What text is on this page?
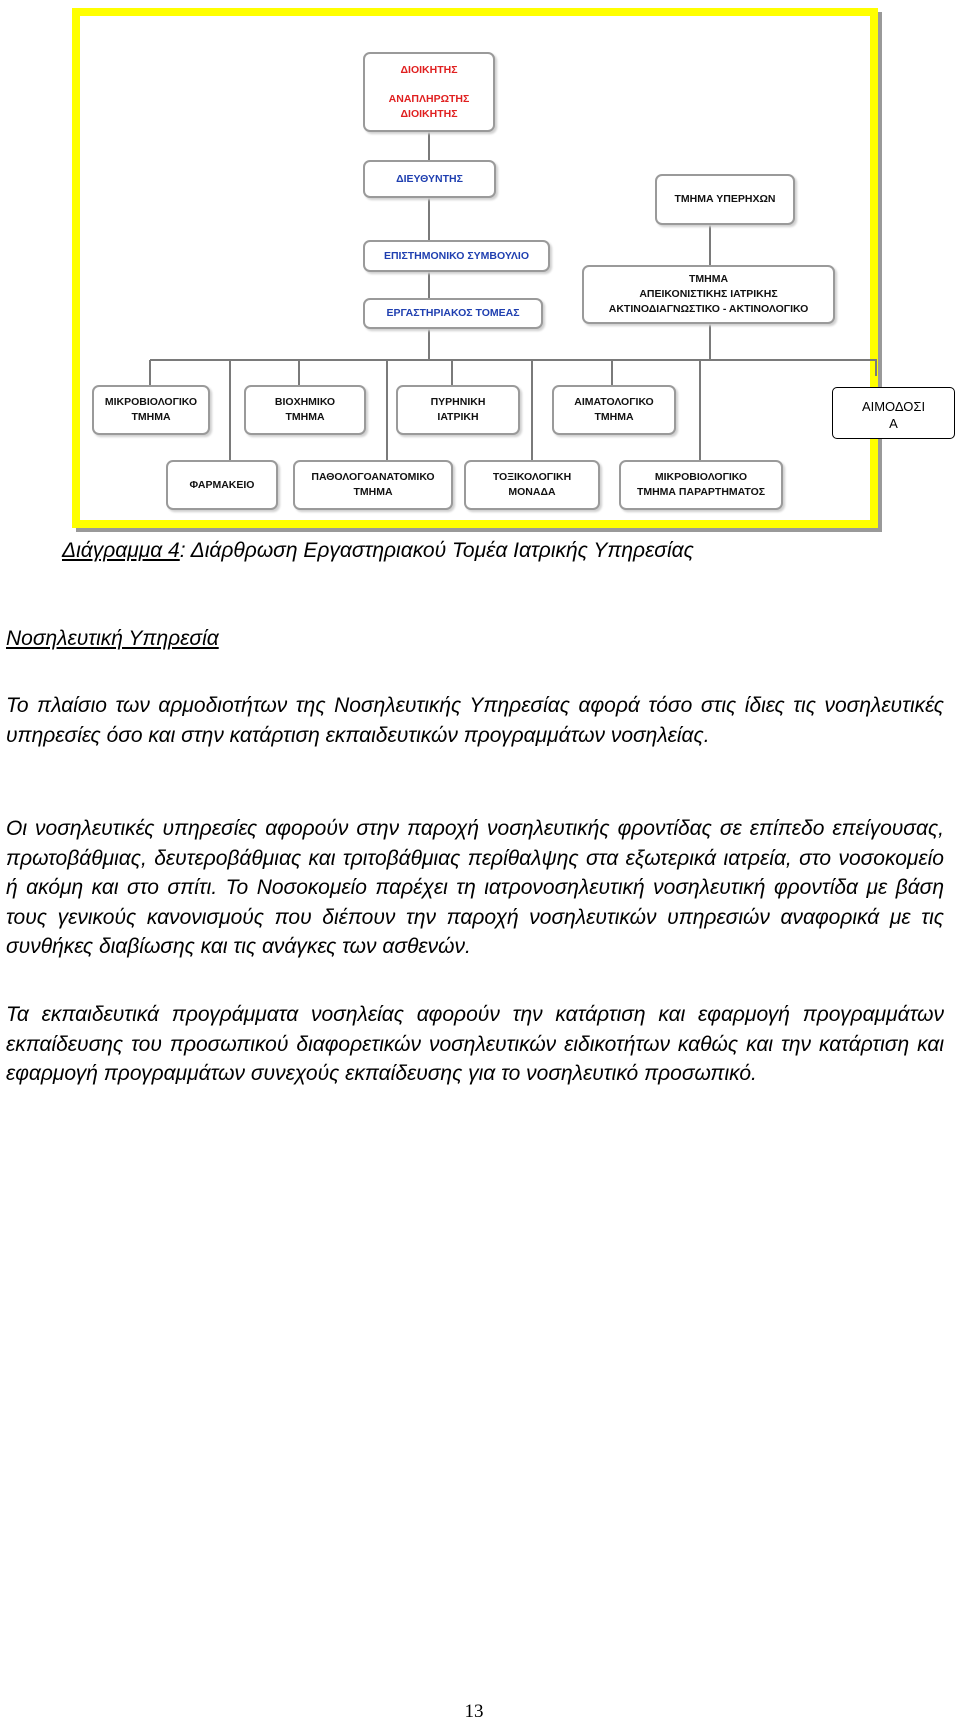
ΔΙΟΙΚΗΤΗΣ
ΑΝΑΠΛΗΡΩΤΗΣ ΔΙΟΙΚΗΤΗΣ
ΔΙΕΥΘΥΝΤΗΣ
ΕΠΙΣΤΗΜΟΝΙΚΟ ΣΥΜΒΟΥΛΙΟ
ΕΡΓΑΣΤΗΡΙΑΚΟΣ ΤΟΜΕΑΣ
ΤΜΗΜΑ ΥΠΕΡΗΧΩΝ
ΤΜΗΜΑ
ΑΠΕΙΚΟΝΙΣΤΙΚΗΣ ΙΑΤΡΙΚΗΣ
ΑΚΤΙΝΟΔΙΑΓΝΩΣΤΙΚΟ - ΑΚΤΙΝΟΛΟΓΙΚΟ
ΜΙΚΡΟΒΙΟΛΟΓΙΚΟ
ΤΜΗΜΑ
ΒΙΟΧΗΜΙΚΟ
ΤΜΗΜΑ
ΠΥΡΗΝΙΚΗ
ΙΑΤΡΙΚΗ
ΑΙΜΑΤΟΛΟΓΙΚΟ
ΤΜΗΜΑ
ΦΑΡΜΑΚΕΙΟ
ΠΑΘΟΛΟΓΟΑΝΑΤΟΜΙΚΟ
ΤΜΗΜΑ
ΤΟΞΙΚΟΛΟΓΙΚΗ
ΜΟΝΑΔΑ
ΜΙΚΡΟΒΙΟΛΟΓΙΚΟ
ΤΜΗΜΑ ΠΑΡΑΡΤΗΜΑΤΟΣ
ΑΙΜΟΔΟΣΙ
Α
Διάγραμμα 4: Διάρθρωση Εργαστηριακού Τομέα Ιατρικής Υπηρεσίας
Νοσηλευτική Υπηρεσία
Το πλαίσιο των αρμοδιοτήτων της Νοσηλευτικής Υπηρεσίας αφορά τόσο στις ίδιες τις νοσηλευτικές υπηρεσίες όσο και στην κατάρτιση εκπαιδευτικών προγραμμάτων νοσηλείας.
Οι νοσηλευτικές υπηρεσίες αφορούν στην παροχή νοσηλευτικής φροντίδας σε επίπεδο επείγουσας, πρωτοβάθμιας, δευτεροβάθμιας και τριτοβάθμιας περίθαλψης στα εξωτερικά ιατρεία, στο νοσοκομείο ή ακόμη και στο σπίτι. Το Νοσοκομείο παρέχει τη ιατρονοσηλευτική νοσηλευτική φροντίδα με βάση τους γενικούς κανονισμούς που διέπουν την παροχή νοσηλευτικών υπηρεσιών αναφορικά με τις συνθήκες διαβίωσης και τις ανάγκες των ασθενών.
Τα εκπαιδευτικά προγράμματα νοσηλείας αφορούν την κατάρτιση και εφαρμογή προγραμμάτων εκπαίδευσης του προσωπικού διαφορετικών νοσηλευτικών ειδικοτήτων καθώς και την κατάρτιση και εφαρμογή προγραμμάτων συνεχούς εκπαίδευσης για το νοσηλευτικό προσωπικό.
13
